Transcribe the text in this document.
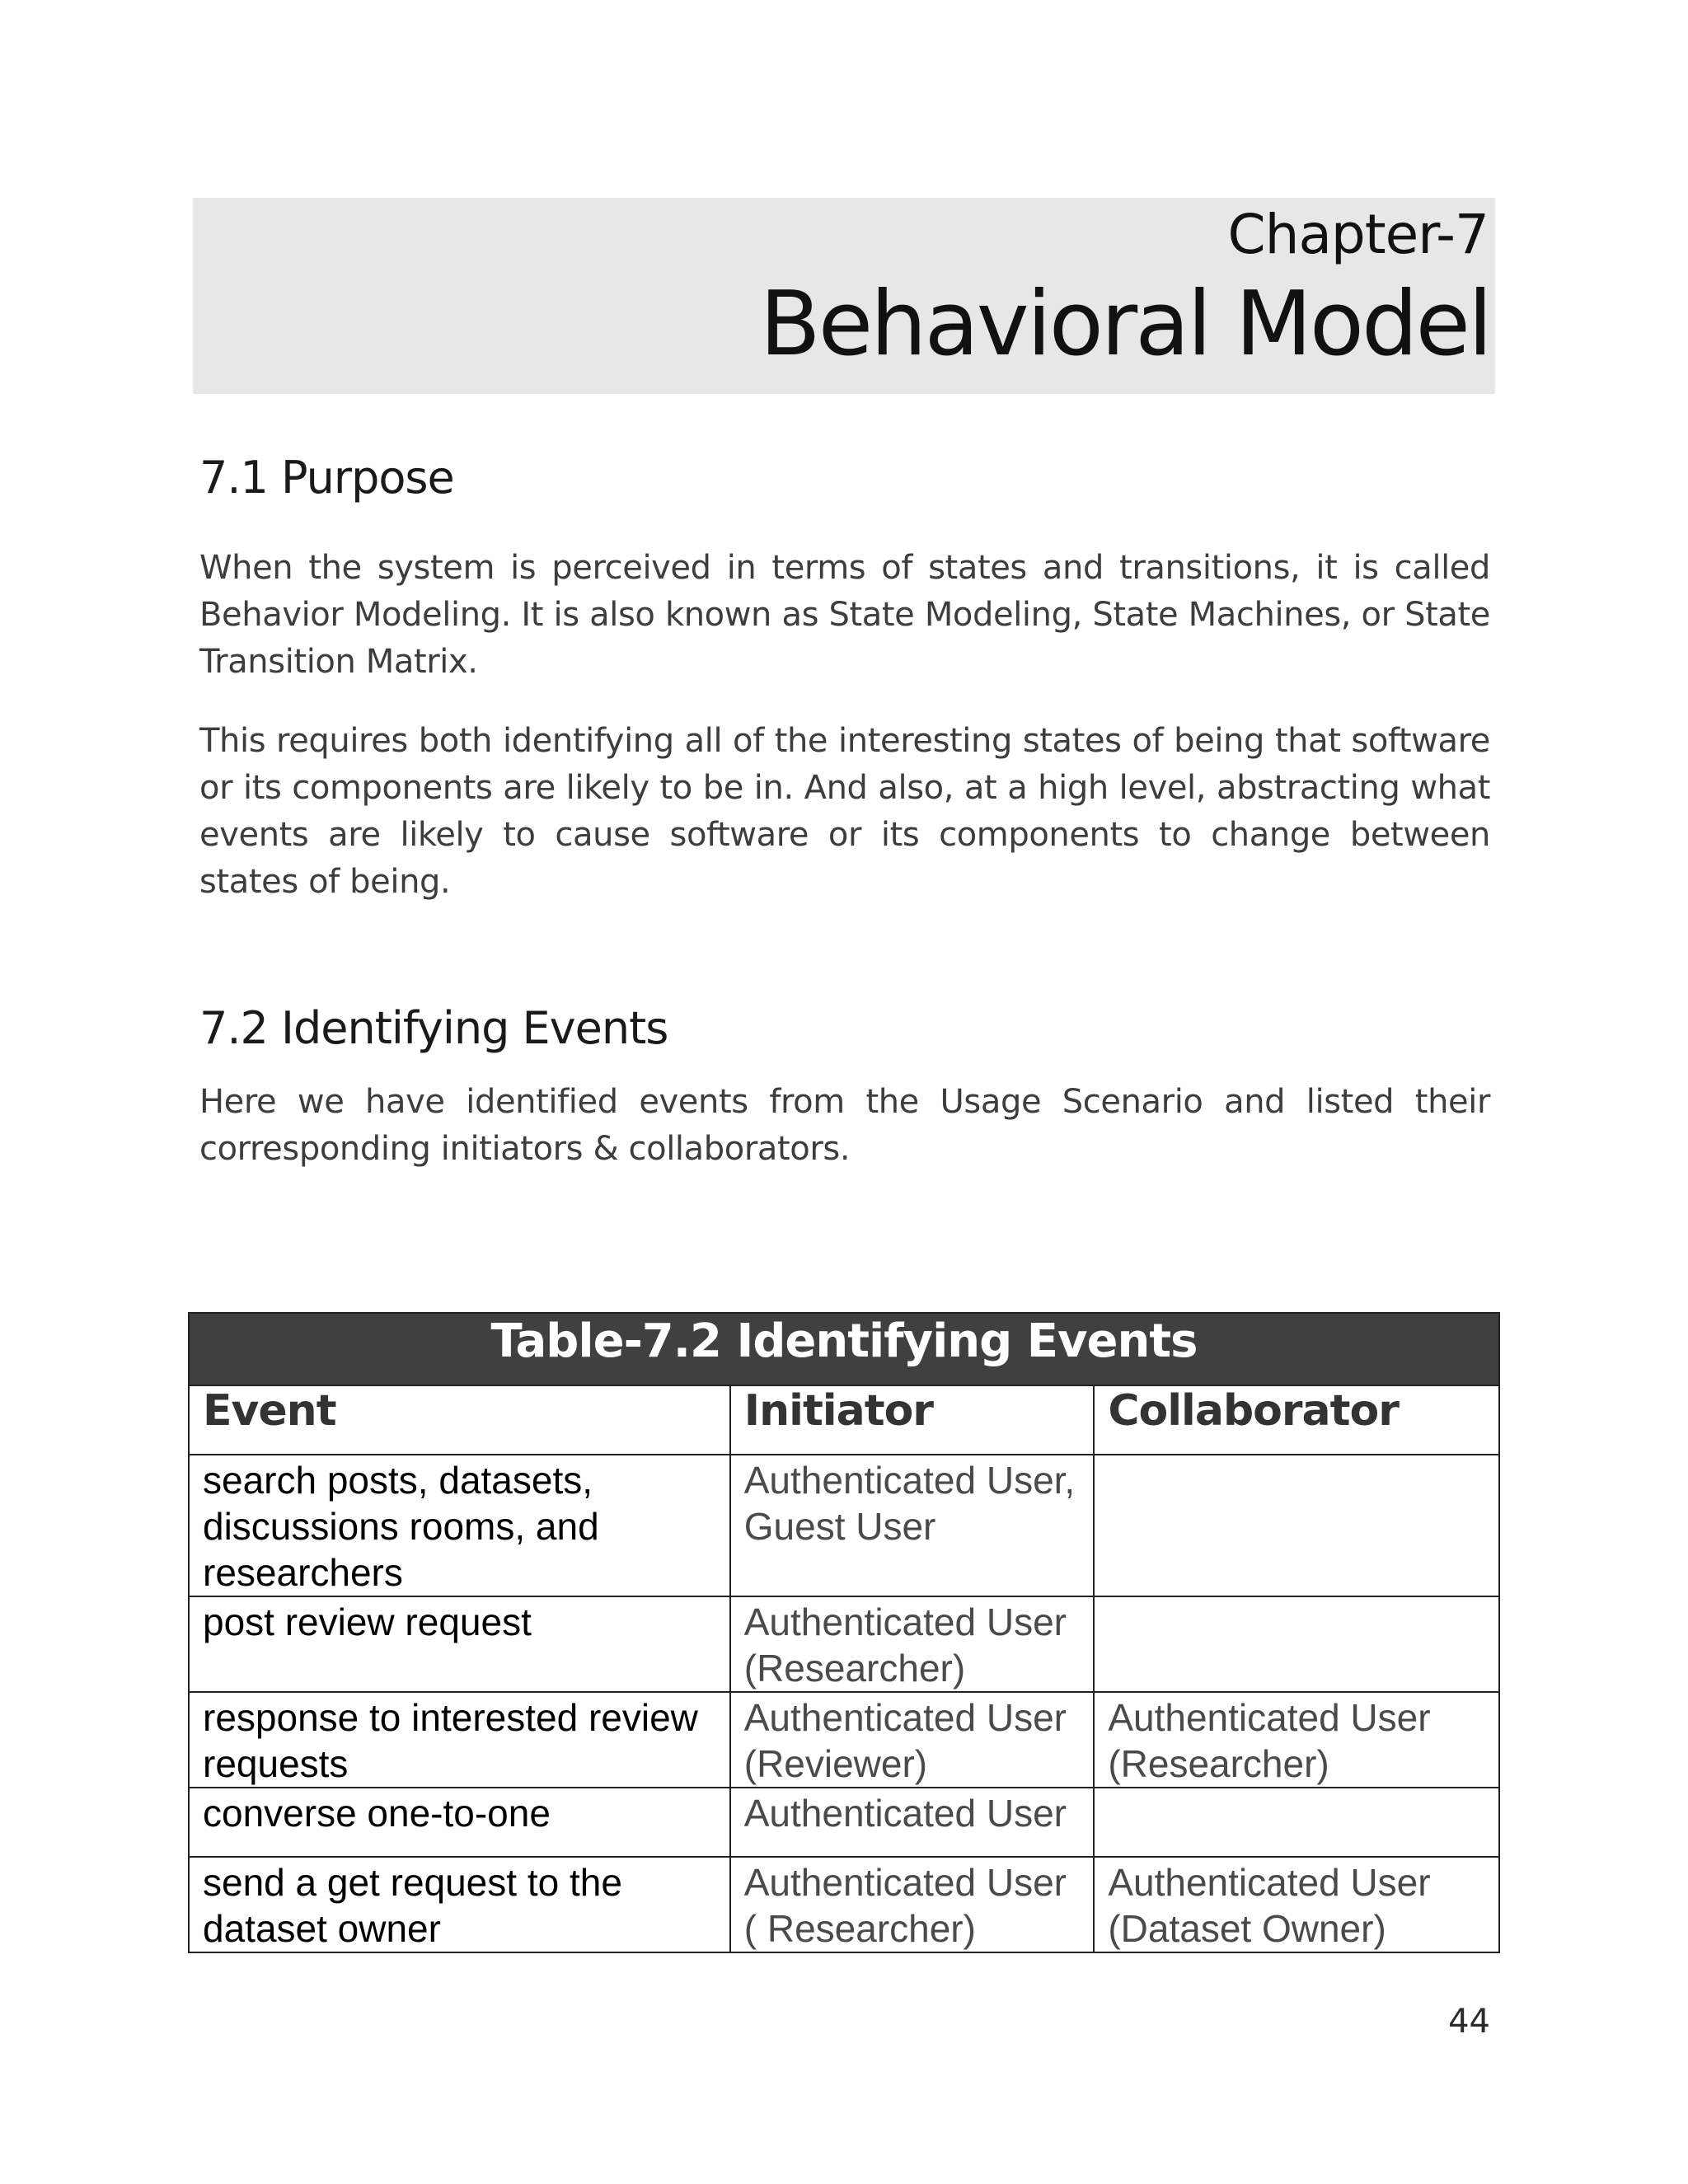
Chapter-7
Behavioral Model
7.1 Purpose
When the system is perceived in terms of states and transitions, it is called Behavior Modeling. It is also known as State Modeling, State Machines, or State Transition Matrix.
This requires both identifying all of the interesting states of being that software or its components are likely to be in. And also, at a high level, abstracting what events are likely to cause software or its components to change between states of being.
7.2 Identifying Events
Here we have identified events from the Usage Scenario and listed their corresponding initiators & collaborators.
Table-7.2 Identifying Events		
Event	Initiator	Collaborator
search posts, datasets, discussions rooms, and researchers	Authenticated User, Guest User	
post review request	Authenticated User (Researcher)	
response to interested review requests	Authenticated User (Reviewer)	Authenticated User (Researcher)
converse one-to-one	Authenticated User	
send a get request to the dataset owner	Authenticated User ( Researcher)	Authenticated User (Dataset Owner)
44
